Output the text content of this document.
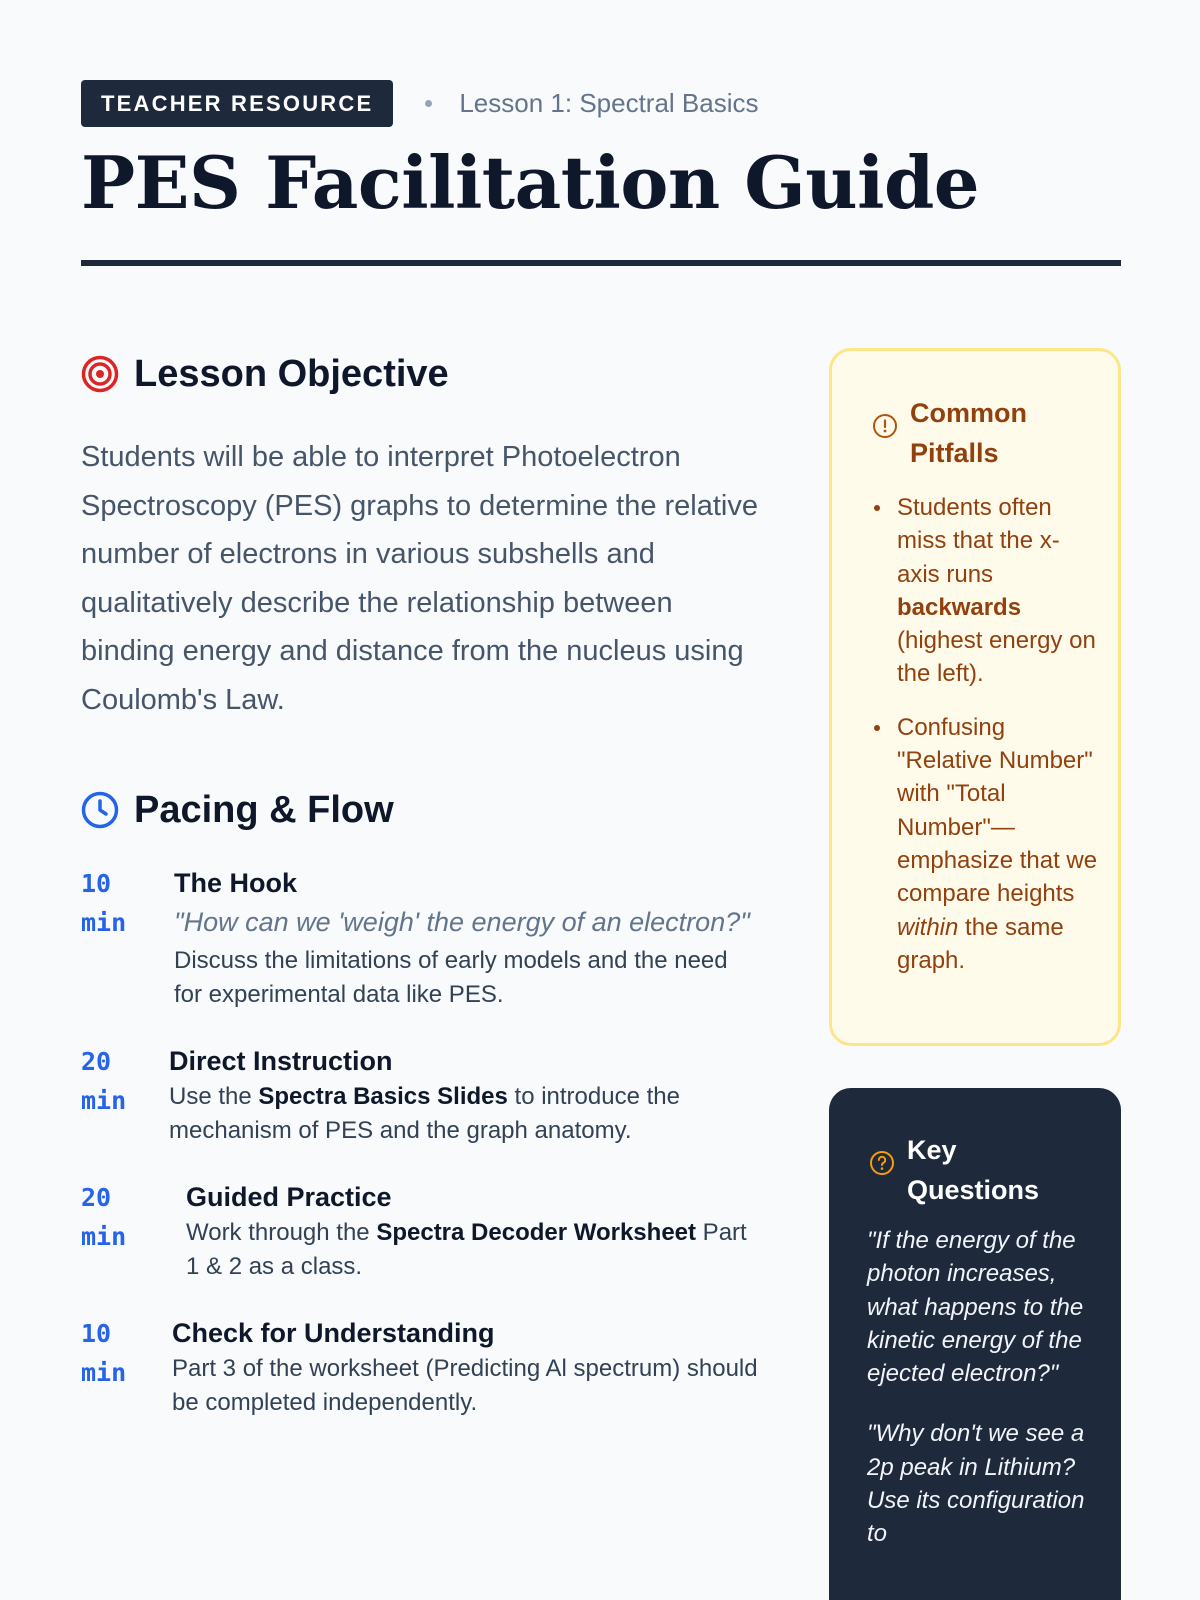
TEACHER RESOURCE	Lesson 1: Spectral Basics
PES Facilitation Guide
Lesson Objective

Students will be able to interpret Photoelectron Spectroscopy (PES) graphs to determine the relative number of electrons in various subshells and qualitatively describe the relationship between binding energy and distance from the nucleus using Coulomb's Law.

Pacing & Flow
10
min
The Hook
"How can we 'weigh' the energy of an electron?"
Discuss the limitations of early models and the need for experimental data like PES.
20
min
Direct Instruction
Use the Spectra Basics Slides to introduce the mechanism of PES and the graph anatomy.
20
min
Guided Practice
Work through the Spectra Decoder Worksheet Part 1 & 2 as a class.
10
min
Check for Understanding
Part 3 of the worksheet (Predicting Al spectrum) should be completed independently.
Common Pitfalls
Students often miss that the x-axis runs backwards (highest energy on the left).
Confusing "Relative Number" with "Total Number"—emphasize that we compare heights within the same graph.
Key Questions

"If the energy of the photon increases, what happens to the kinetic energy of the ejected electron?"

"Why don't we see a 2p peak in Lithium? Use its configuration to
